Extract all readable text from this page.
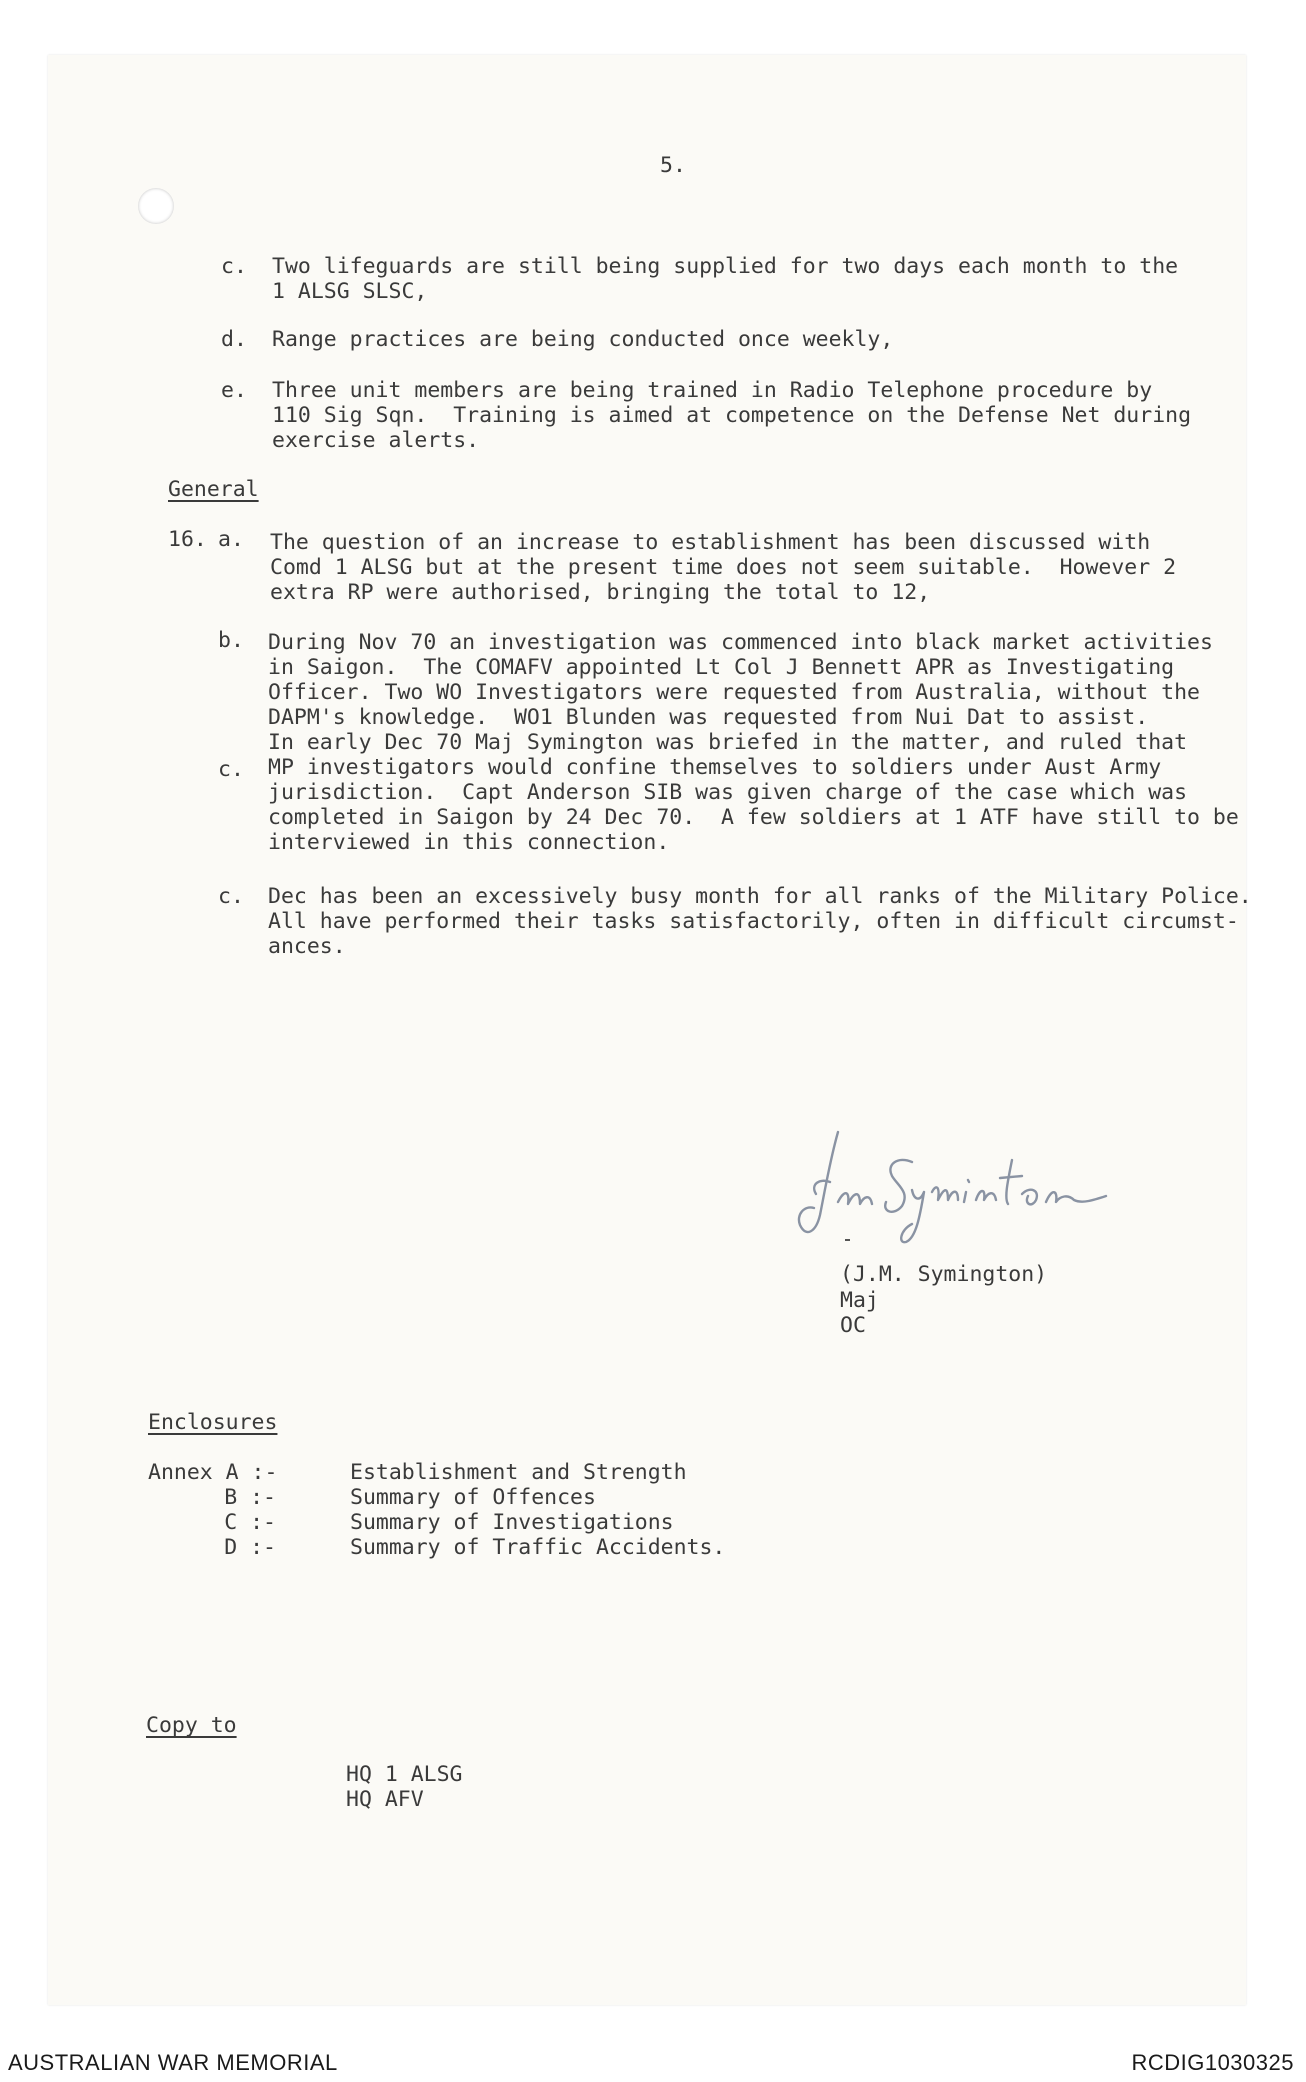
5.
c. Two lifeguards are still being supplied for two days each month to the
1 ALSG SLSC,
d. Range practices are being conducted once weekly,
e. Three unit members are being trained in Radio Telephone procedure by
110 Sig Sqn.  Training is aimed at competence on the Defense Net during
exercise alerts.
General
16. a. The question of an increase to establishment has been discussed with
Comd 1 ALSG but at the present time does not seem suitable.  However 2
extra RP were authorised, bringing the total to 12,
b. During Nov 70 an investigation was commenced into black market activities
in Saigon.  The COMAFV appointed Lt Col J Bennett APR as Investigating
Officer. Two WO Investigators were requested from Australia, without the
DAPM's knowledge.  WO1 Blunden was requested from Nui Dat to assist.
In early Dec 70 Maj Symington was briefed in the matter, and ruled that
c. MP investigators would confine themselves to soldiers under Aust Army
jurisdiction.  Capt Anderson SIB was given charge of the case which was
completed in Saigon by 24 Dec 70.  A few soldiers at 1 ATF have still to be
interviewed in this connection.
c. Dec has been an excessively busy month for all ranks of the Military Police.
All have performed their tasks satisfactorily, often in difficult circumst-
ances.
(J.M. Symington)
Maj
OC
Enclosures
Annex A :-	Establishment and Strength
B :-	Summary of Offences
C :-	Summary of Investigations
D :-	Summary of Traffic Accidents.
Copy to
HQ 1 ALSG
HQ AFV
AUSTRALIAN WAR MEMORIAL	RCDIG1030325
